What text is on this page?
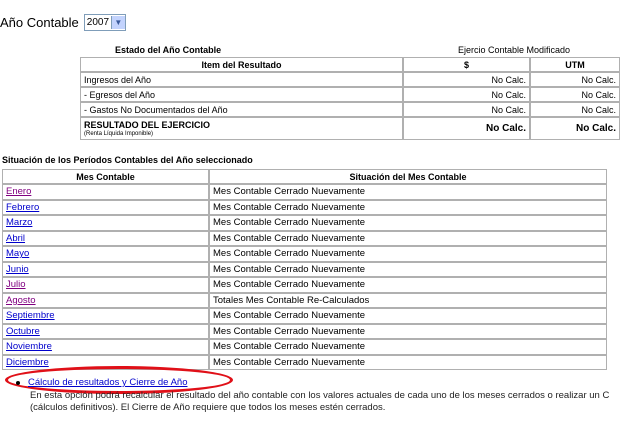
Año Contable 2007 ▼
Estado del Año Contable	Ejercio Contable Modificado
Item del Resultado	$	UTM
Ingresos del Año	No Calc.	No Calc.
- Egresos del Año	No Calc.	No Calc.
- Gastos No Documentados del Año	No Calc.	No Calc.

RESULTADO DEL EJERCICIO
(Renta Líquida Imponible)	No Calc.	No Calc.
Situación de los Períodos Contables del Año seleccionado
Mes Contable	Situación del Mes Contable
Enero	Mes Contable Cerrado Nuevamente
Febrero	Mes Contable Cerrado Nuevamente
Marzo	Mes Contable Cerrado Nuevamente
Abril	Mes Contable Cerrado Nuevamente
Mayo	Mes Contable Cerrado Nuevamente
Junio	Mes Contable Cerrado Nuevamente
Julio	Mes Contable Cerrado Nuevamente
Agosto	Totales Mes Contable Re-Calculados
Septiembre	Mes Contable Cerrado Nuevamente
Octubre	Mes Contable Cerrado Nuevamente
Noviembre	Mes Contable Cerrado Nuevamente
Diciembre	Mes Contable Cerrado Nuevamente
Cálculo de resultados y Cierre de Año
En esta opción podrá recalcular el resultado del año contable con los valores actuales de cada uno de los meses cerrados o realizar un C
(cálculos definitivos). El Cierre de Año requiere que todos los meses estén cerrados.
